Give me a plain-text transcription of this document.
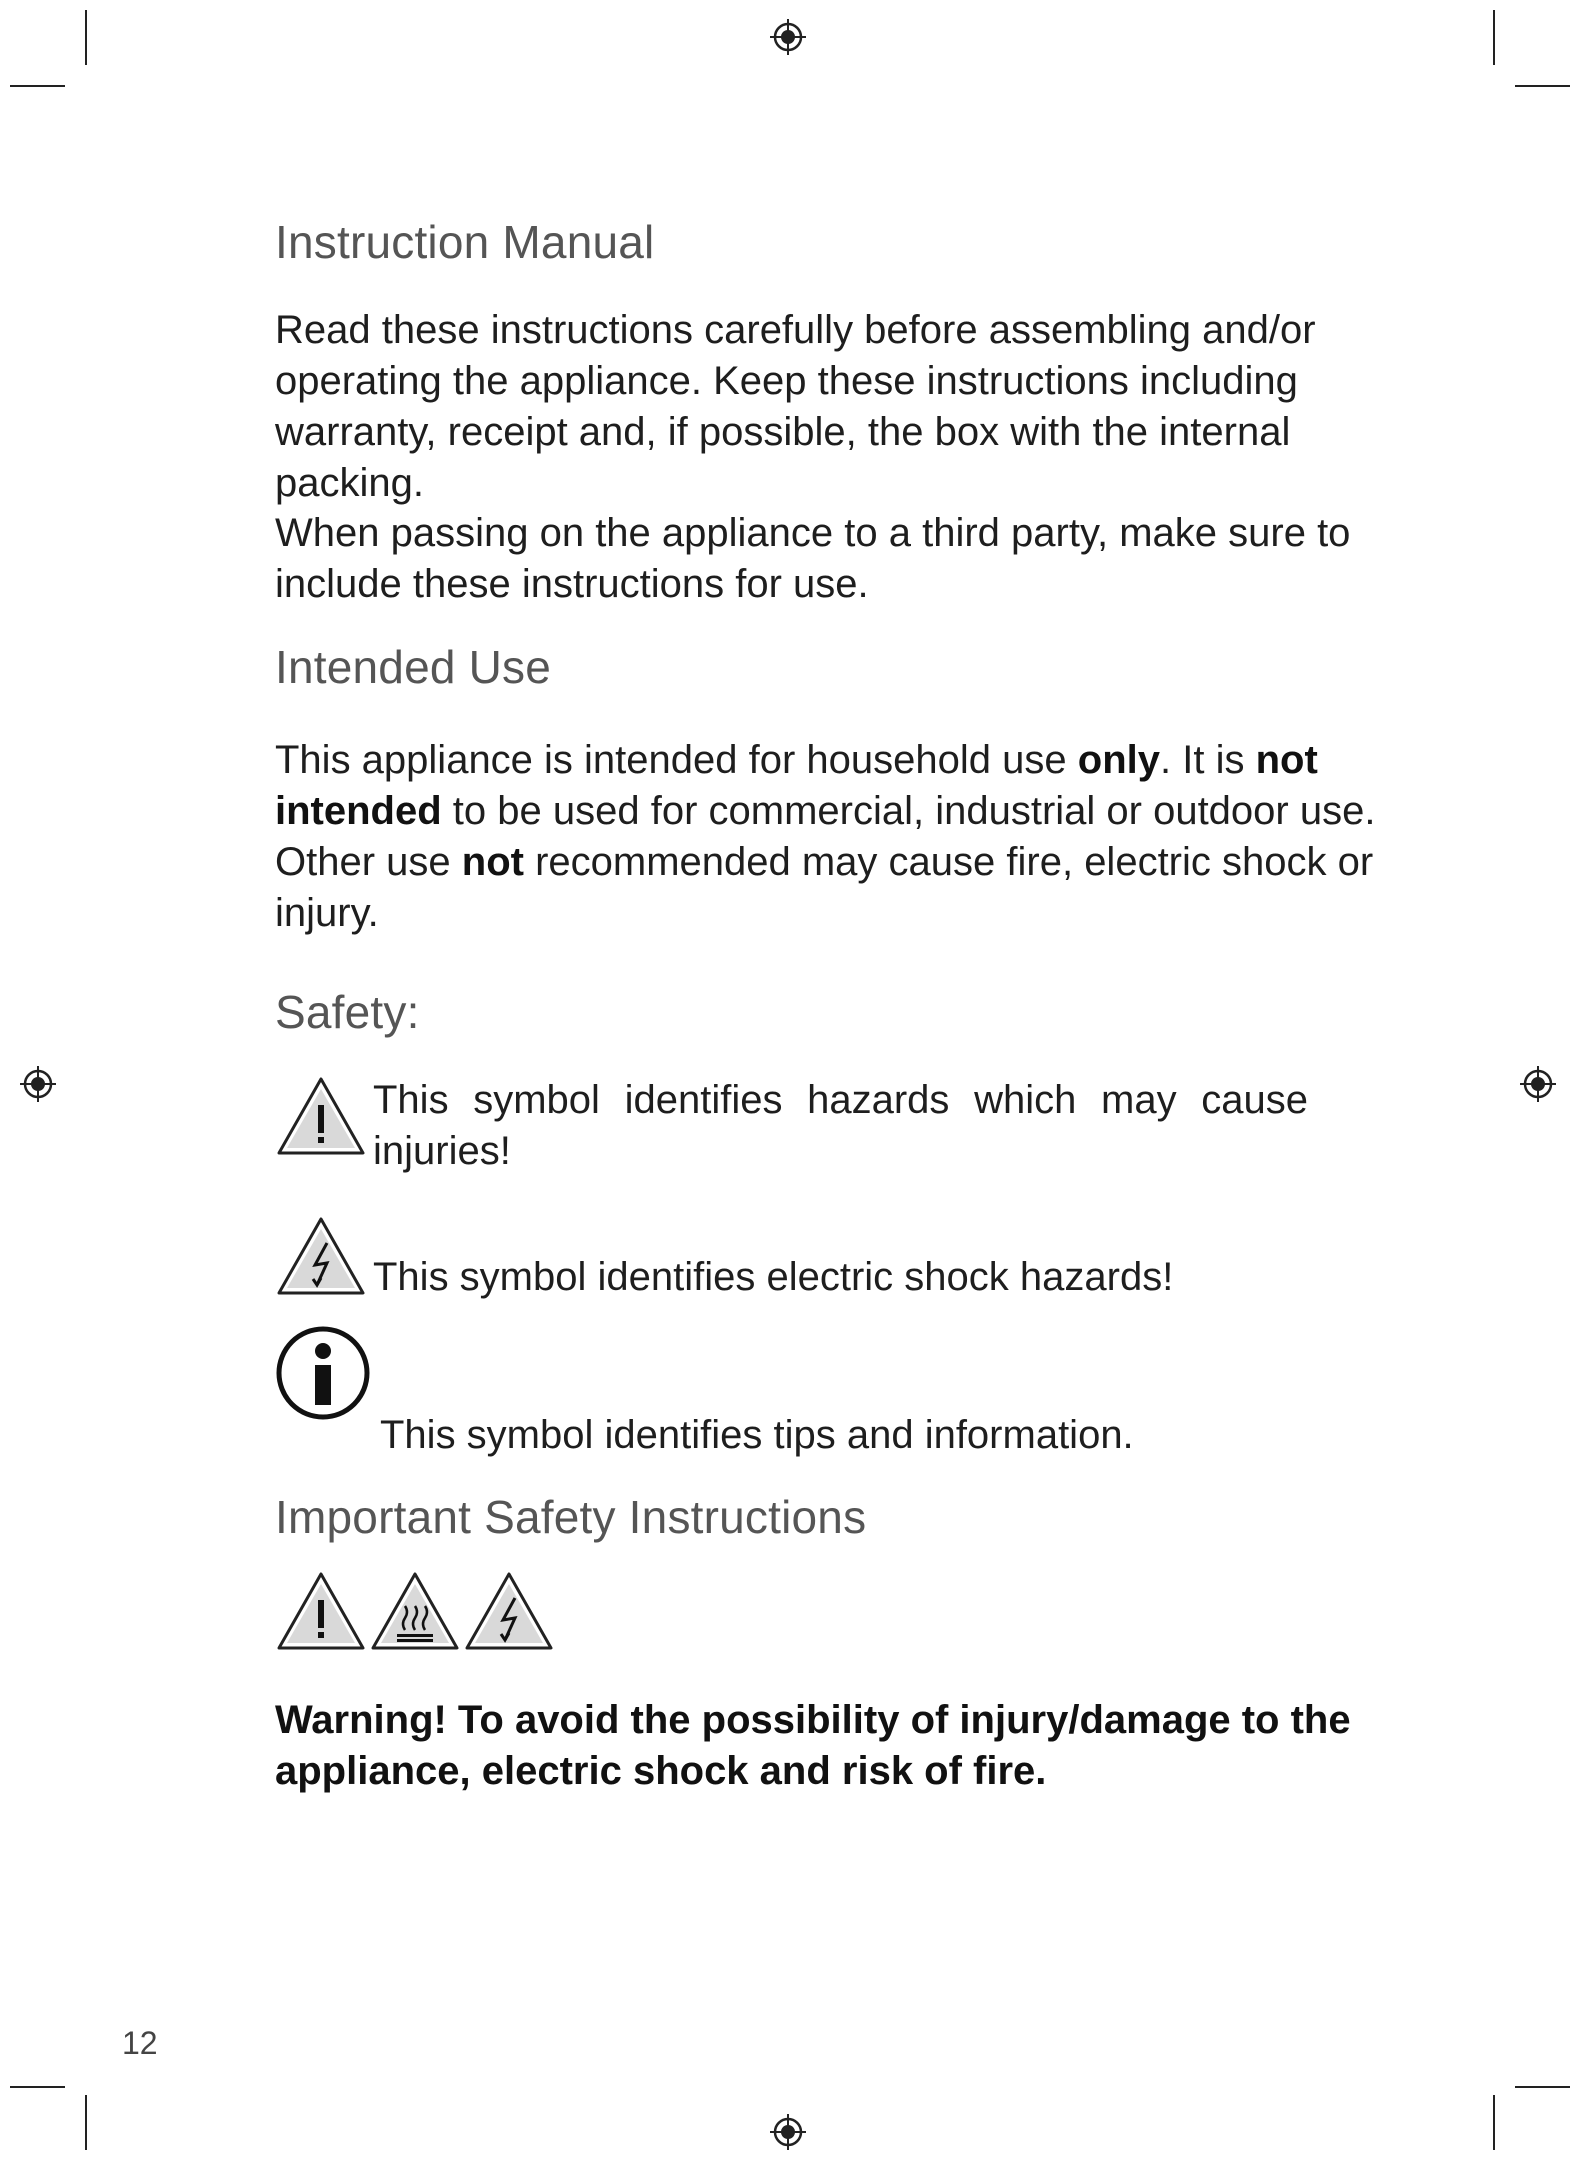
Instruction Manual

Read these instructions carefully before assembling and/or operating the appliance. Keep these instructions including warranty, receipt and, if possible, the box with the internal packing.

When passing on the appliance to a third party, make sure to include these instructions for use.

Intended Use

This appliance is intended for household use only. It is not intended to be used for commercial, industrial or outdoor use. Other use not recommended may cause fire, electric shock or injury.

Safety:
This symbol identifies hazards which may cause injuries!
This symbol identifies electric shock hazards!
This symbol identifies tips and information.
Important Safety Instructions

Warning! To avoid the possibility of injury/damage to the appliance, electric shock and risk of fire.

12
